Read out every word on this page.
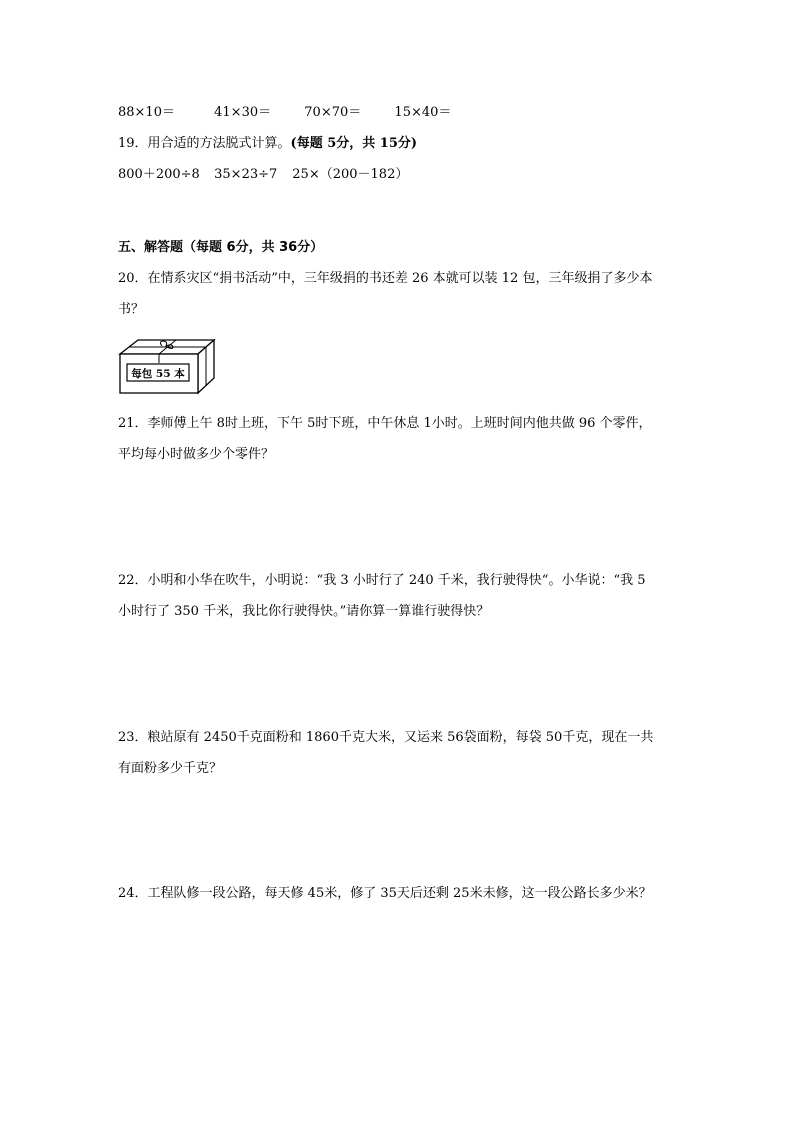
88×10＝	41×30＝	70×70＝	15×40＝
19．用合适的方法脱式计算。(每题 5分，共 15分)
800＋200÷8 35×23÷7 25×（200－182）
五、解答题（每题 6分，共 36分）
20．在情系灾区“捐书活动”中，三年级捐的书还差 26 本就可以装 12 包，三年级捐了多少本
书？
每包 55 本
21．李师傅上午 8时上班，下午 5时下班，中午休息 1小时。上班时间内他共做 96 个零件，
平均每小时做多少个零件？
22．小明和小华在吹牛，小明说：“我 3 小时行了 240 千米，我行驶得快“。小华说：“我 5
小时行了 350 千米，我比你行驶得快。”请你算一算谁行驶得快？
23．粮站原有 2450千克面粉和 1860千克大米，又运来 56袋面粉，每袋 50千克，现在一共
有面粉多少千克？
24．工程队修一段公路，每天修 45米，修了 35天后还剩 25米未修，这一段公路长多少米？
